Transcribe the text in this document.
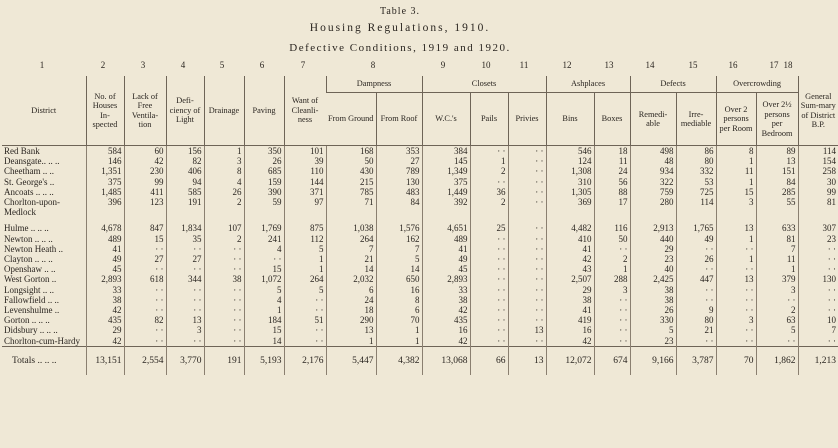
Table 3.
Housing Regulations, 1910.
Defective Conditions, 1919 and 1920.
1	2	3	4	5	6	7	8	9	10	11	12	13	14	15	16	17 18
District	No. of Houses In-spected	Lack of Free Ventila-tion	Defi-ciency of Light	Drainage	Paving	Want of Cleanli-ness	Dampness		Closets			Ashplaces		Defects		Overcrowding		General Sum-mary of District B.P.
							From Ground	From Roof	W.C.'s	Pails	Privies	Bins	Boxes	Remedi-able	Irre-mediable	Over 2 persons per Room	Over 2½ persons per Bedroom	
Red Bank	584	60	156	1	350	101	168	353	384	· ·	· ·	546	18	498	86	8	89	114
Deansgate.. .. ..	146	42	82	3	26	39	50	27	145	1	· ·	124	11	48	80	1	13	154
Cheetham .. ..	1,351	230	406	8	685	110	430	789	1,349	2	· ·	1,308	24	934	332	11	151	258
St. George's ..	375	99	94	4	159	144	215	130	375	· ·	· ·	310	56	322	53	1	84	30
Ancoats .. .. ..	1,485	411	585	26	390	371	785	483	1,449	36	· ·	1,305	88	759	725	15	285	99
Chorlton-upon-	396	123	191	2	59	97	71	84	392	2	· ·	369	17	280	114	3	55	81
Medlock																		

Hulme .. .. ..	4,678	847	1,834	107	1,769	875	1,038	1,576	4,651	25	· ·	4,482	116	2,913	1,765	13	633	307
Newton .. .. ..	489	15	35	2	241	112	264	162	489	· ·	· ·	410	50	440	49	1	81	23
Newton Heath ..	41	· ·	· ·	· ·	4	5	7	7	41	· ·	· ·	41	· ·	29	· ·	· ·	7	· ·
Clayton .. .. ..	49	27	27	· ·	· ·	1	21	5	49	· ·	· ·	42	2	23	26	1	11	· ·
Openshaw .. ..	45	· ·	· ·	· ·	15	1	14	14	45	· ·	· ·	43	1	40	· ·	· ·	1	· ·
West Gorton ..	2,893	618	344	38	1,072	264	2,032	650	2,893	· ·	· ·	2,507	288	2,425	447	13	379	130
Longsight .. ..	33	· ·	· ·	· ·	5	5	6	16	33	· ·	· ·	29	3	38	· ·	· ·	3	· ·
Fallowfield .. ..	38	· ·	· ·	· ·	4	· ·	24	8	38	· ·	· ·	38	· ·	38	· ·	· ·	· ·	· ·
Levenshulme ..	42	· ·	· ·	· ·	1	· ·	18	6	42	· ·	· ·	41	· ·	26	9	· ·	2	· ·
Gorton .. .. ..	435	82	13	· ·	184	51	290	70	435	· ·	· ·	419	· ·	330	80	3	63	10
Didsbury .. .. ..	29	· ·	3	· ·	15	· ·	13	1	16	· ·	13	16	· ·	5	21	· ·	5	7
Chorlton-cum-Hardy	42	· ·	· ·	· ·	14	· ·	1	1	42	· ·	· ·	42	· ·	23	· ·	· ·	· ·	· ·
Totals .. .. ..	13,151	2,554	3,770	191	5,193	2,176	5,447	4,382	13,068	66	13	12,072	674	9,166	3,787	70	1,862	1,213
